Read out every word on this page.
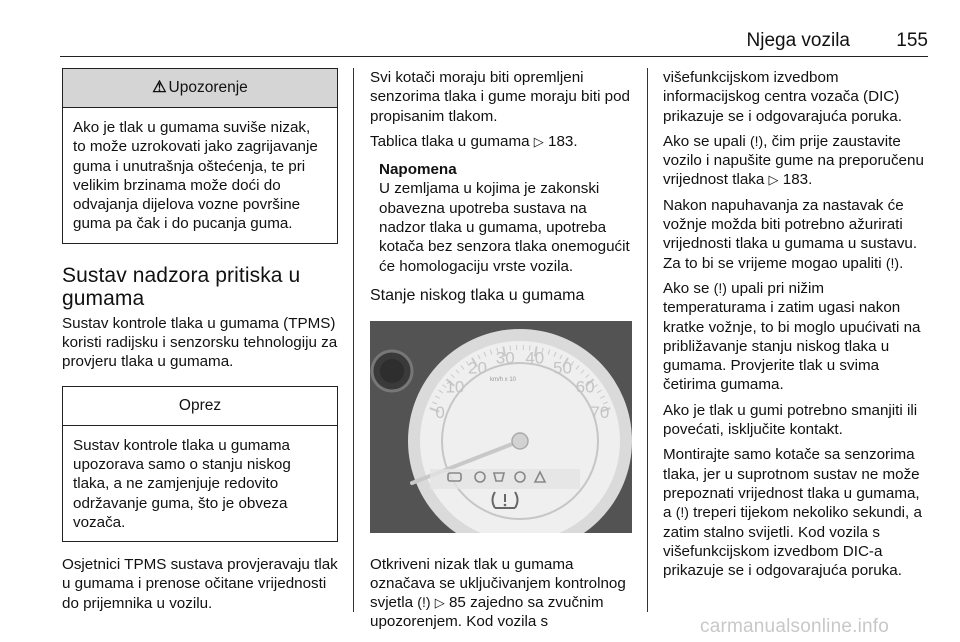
Njega vozila 155
⚠ Upozorenje
Ako je tlak u gumama suviše nizak, to može uzrokovati jako zagrijavanje guma i unutrašnja oštećenja, te pri velikim brzinama može doći do odvajanja dijelova vozne površine guma pa čak i do pucanja guma.
Sustav nadzora pritiska u gumama

Sustav kontrole tlaka u gumama (TPMS) koristi radijsku i senzorsku tehnologiju za provjeru tlaka u gumama.

Oprez
Sustav kontrole tlaka u gumama upozorava samo o stanju niskog tlaka, a ne zamjenjuje redovito održavanje guma, što je obveza vozača.

Osjetnici TPMS sustava provjeravaju tlak u gumama i prenose očitane vrijednosti do prijemnika u vozilu.

Svi kotači moraju biti opremljeni senzorima tlaka i gume moraju biti pod propisanim tlakom.

Tablica tlaka u gumama ▷ 183.

Napomena
U zemljama u kojima je zakonski obavezna upotreba sustava na nadzor tlaka u gumama, upotreba kotača bez senzora tlaka onemogućit će homologaciju vrste vozila.
Stanje niskog tlaka u gumama
0
10
20
30 40
50
60
70
km/h x 10

Otkriveni nizak tlak u gumama označava se uključivanjem kontrolnog svjetla (!) ▷ 85 zajedno sa zvučnim upozorenjem. Kod vozila s

višefunkcijskom izvedbom informacijskog centra vozača (DIC) prikazuje se i odgovarajuća poruka.

Ako se upali (!), čim prije zaustavite vozilo i napušite gume na preporučenu vrijednost tlaka ▷ 183.

Nakon napuhavanja za nastavak će vožnje možda biti potrebno ažurirati vrijednosti tlaka u gumama u sustavu. Za to bi se vrijeme mogao upaliti (!).

Ako se (!) upali pri nižim temperaturama i zatim ugasi nakon kratke vožnje, to bi moglo upućivati na približavanje stanju niskog tlaka u gumama. Provjerite tlak u svima četirima gumama.

Ako je tlak u gumi potrebno smanjiti ili povećati, isključite kontakt.

Montirajte samo kotače sa senzorima tlaka, jer u suprotnom sustav ne može prepoznati vrijednost tlaka u gumama, a (!) treperi tijekom nekoliko sekundi, a zatim stalno svijetli. Kod vozila s višefunkcijskom izvedbom DIC-a prikazuje se i odgovarajuća poruka.

carmanualsonline.info
